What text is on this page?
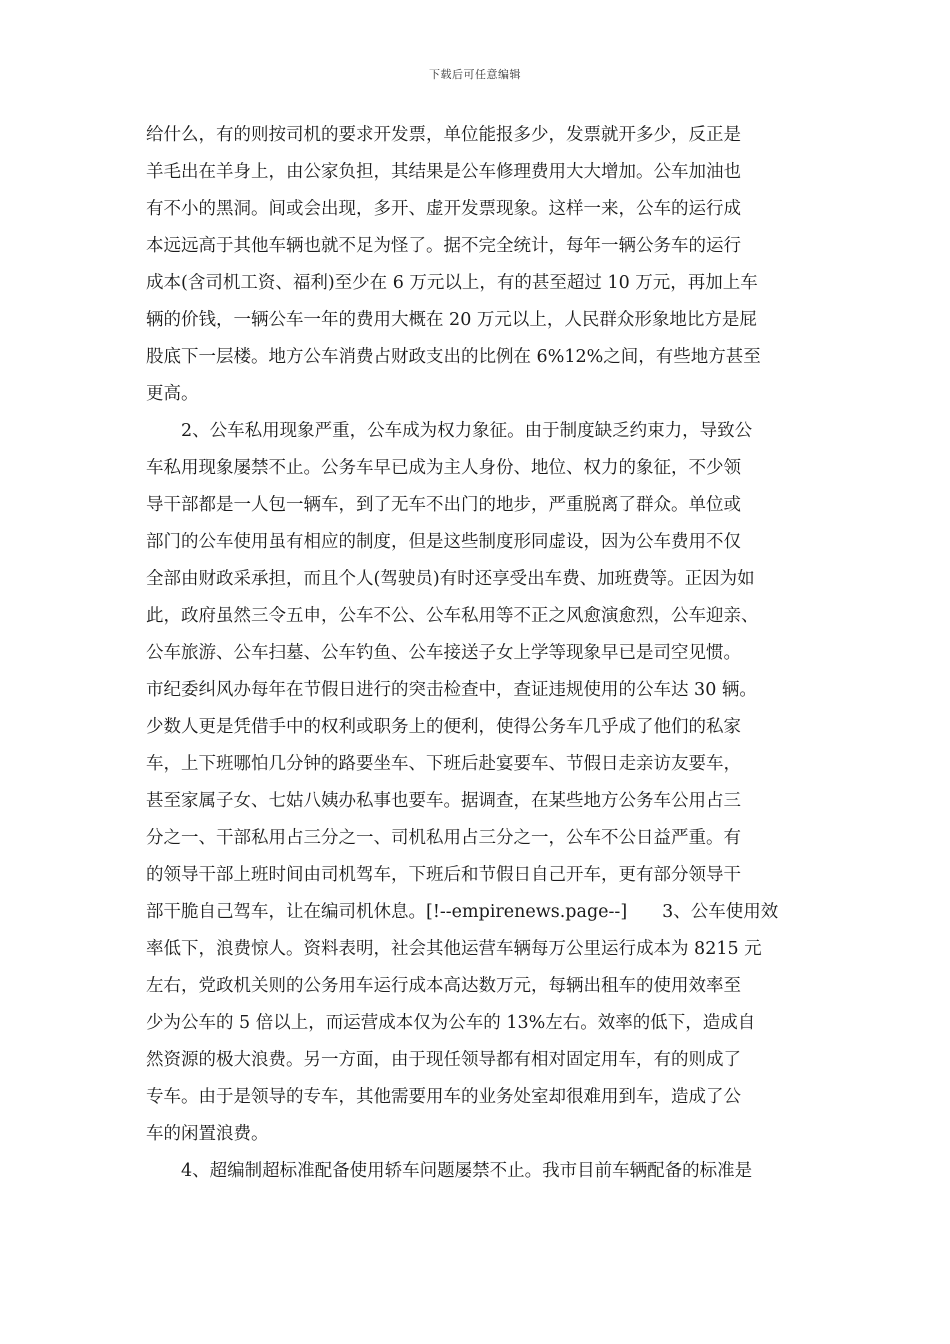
下载后可任意编辑
给什么，有的则按司机的要求开发票，单位能报多少，发票就开多少，反正是
羊毛出在羊身上，由公家负担，其结果是公车修理费用大大增加。公车加油也
有不小的黑洞。间或会出现，多开、虚开发票现象。这样一来，公车的运行成
本远远高于其他车辆也就不足为怪了。据不完全统计，每年一辆公务车的运行
成本(含司机工资、福利)至少在 6 万元以上，有的甚至超过 10 万元，再加上车
辆的价钱，一辆公车一年的费用大概在 20 万元以上，人民群众形象地比方是屁
股底下一层楼。地方公车消费占财政支出的比例在 6%12%之间，有些地方甚至
更高。
2、公车私用现象严重，公车成为权力象征。由于制度缺乏约束力，导致公
车私用现象屡禁不止。公务车早已成为主人身份、地位、权力的象征，不少领
导干部都是一人包一辆车，到了无车不出门的地步，严重脱离了群众。单位或
部门的公车使用虽有相应的制度，但是这些制度形同虚设，因为公车费用不仅
全部由财政采承担，而且个人(驾驶员)有时还享受出车费、加班费等。正因为如
此，政府虽然三令五申，公车不公、公车私用等不正之风愈演愈烈，公车迎亲、
公车旅游、公车扫墓、公车钓鱼、公车接送子女上学等现象早已是司空见惯。
市纪委纠风办每年在节假日进行的突击检查中，查证违规使用的公车达 30 辆。
少数人更是凭借手中的权利或职务上的便利，使得公务车几乎成了他们的私家
车，上下班哪怕几分钟的路要坐车、下班后赴宴要车、节假日走亲访友要车，
甚至家属子女、七姑八姨办私事也要车。据调查，在某些地方公务车公用占三
分之一、干部私用占三分之一、司机私用占三分之一，公车不公日益严重。有
的领导干部上班时间由司机驾车，下班后和节假日自己开车，更有部分领导干
部干脆自己驾车，让在编司机休息。[!--empirenews.page--]　　3、公车使用效
率低下，浪费惊人。资料表明，社会其他运营车辆每万公里运行成本为 8215 元
左右，党政机关则的公务用车运行成本高达数万元，每辆出租车的使用效率至
少为公车的 5 倍以上，而运营成本仅为公车的 13%左右。效率的低下，造成自
然资源的极大浪费。另一方面，由于现任领导都有相对固定用车，有的则成了
专车。由于是领导的专车，其他需要用车的业务处室却很难用到车，造成了公
车的闲置浪费。
4、超编制超标准配备使用轿车问题屡禁不止。我市目前车辆配备的标准是
